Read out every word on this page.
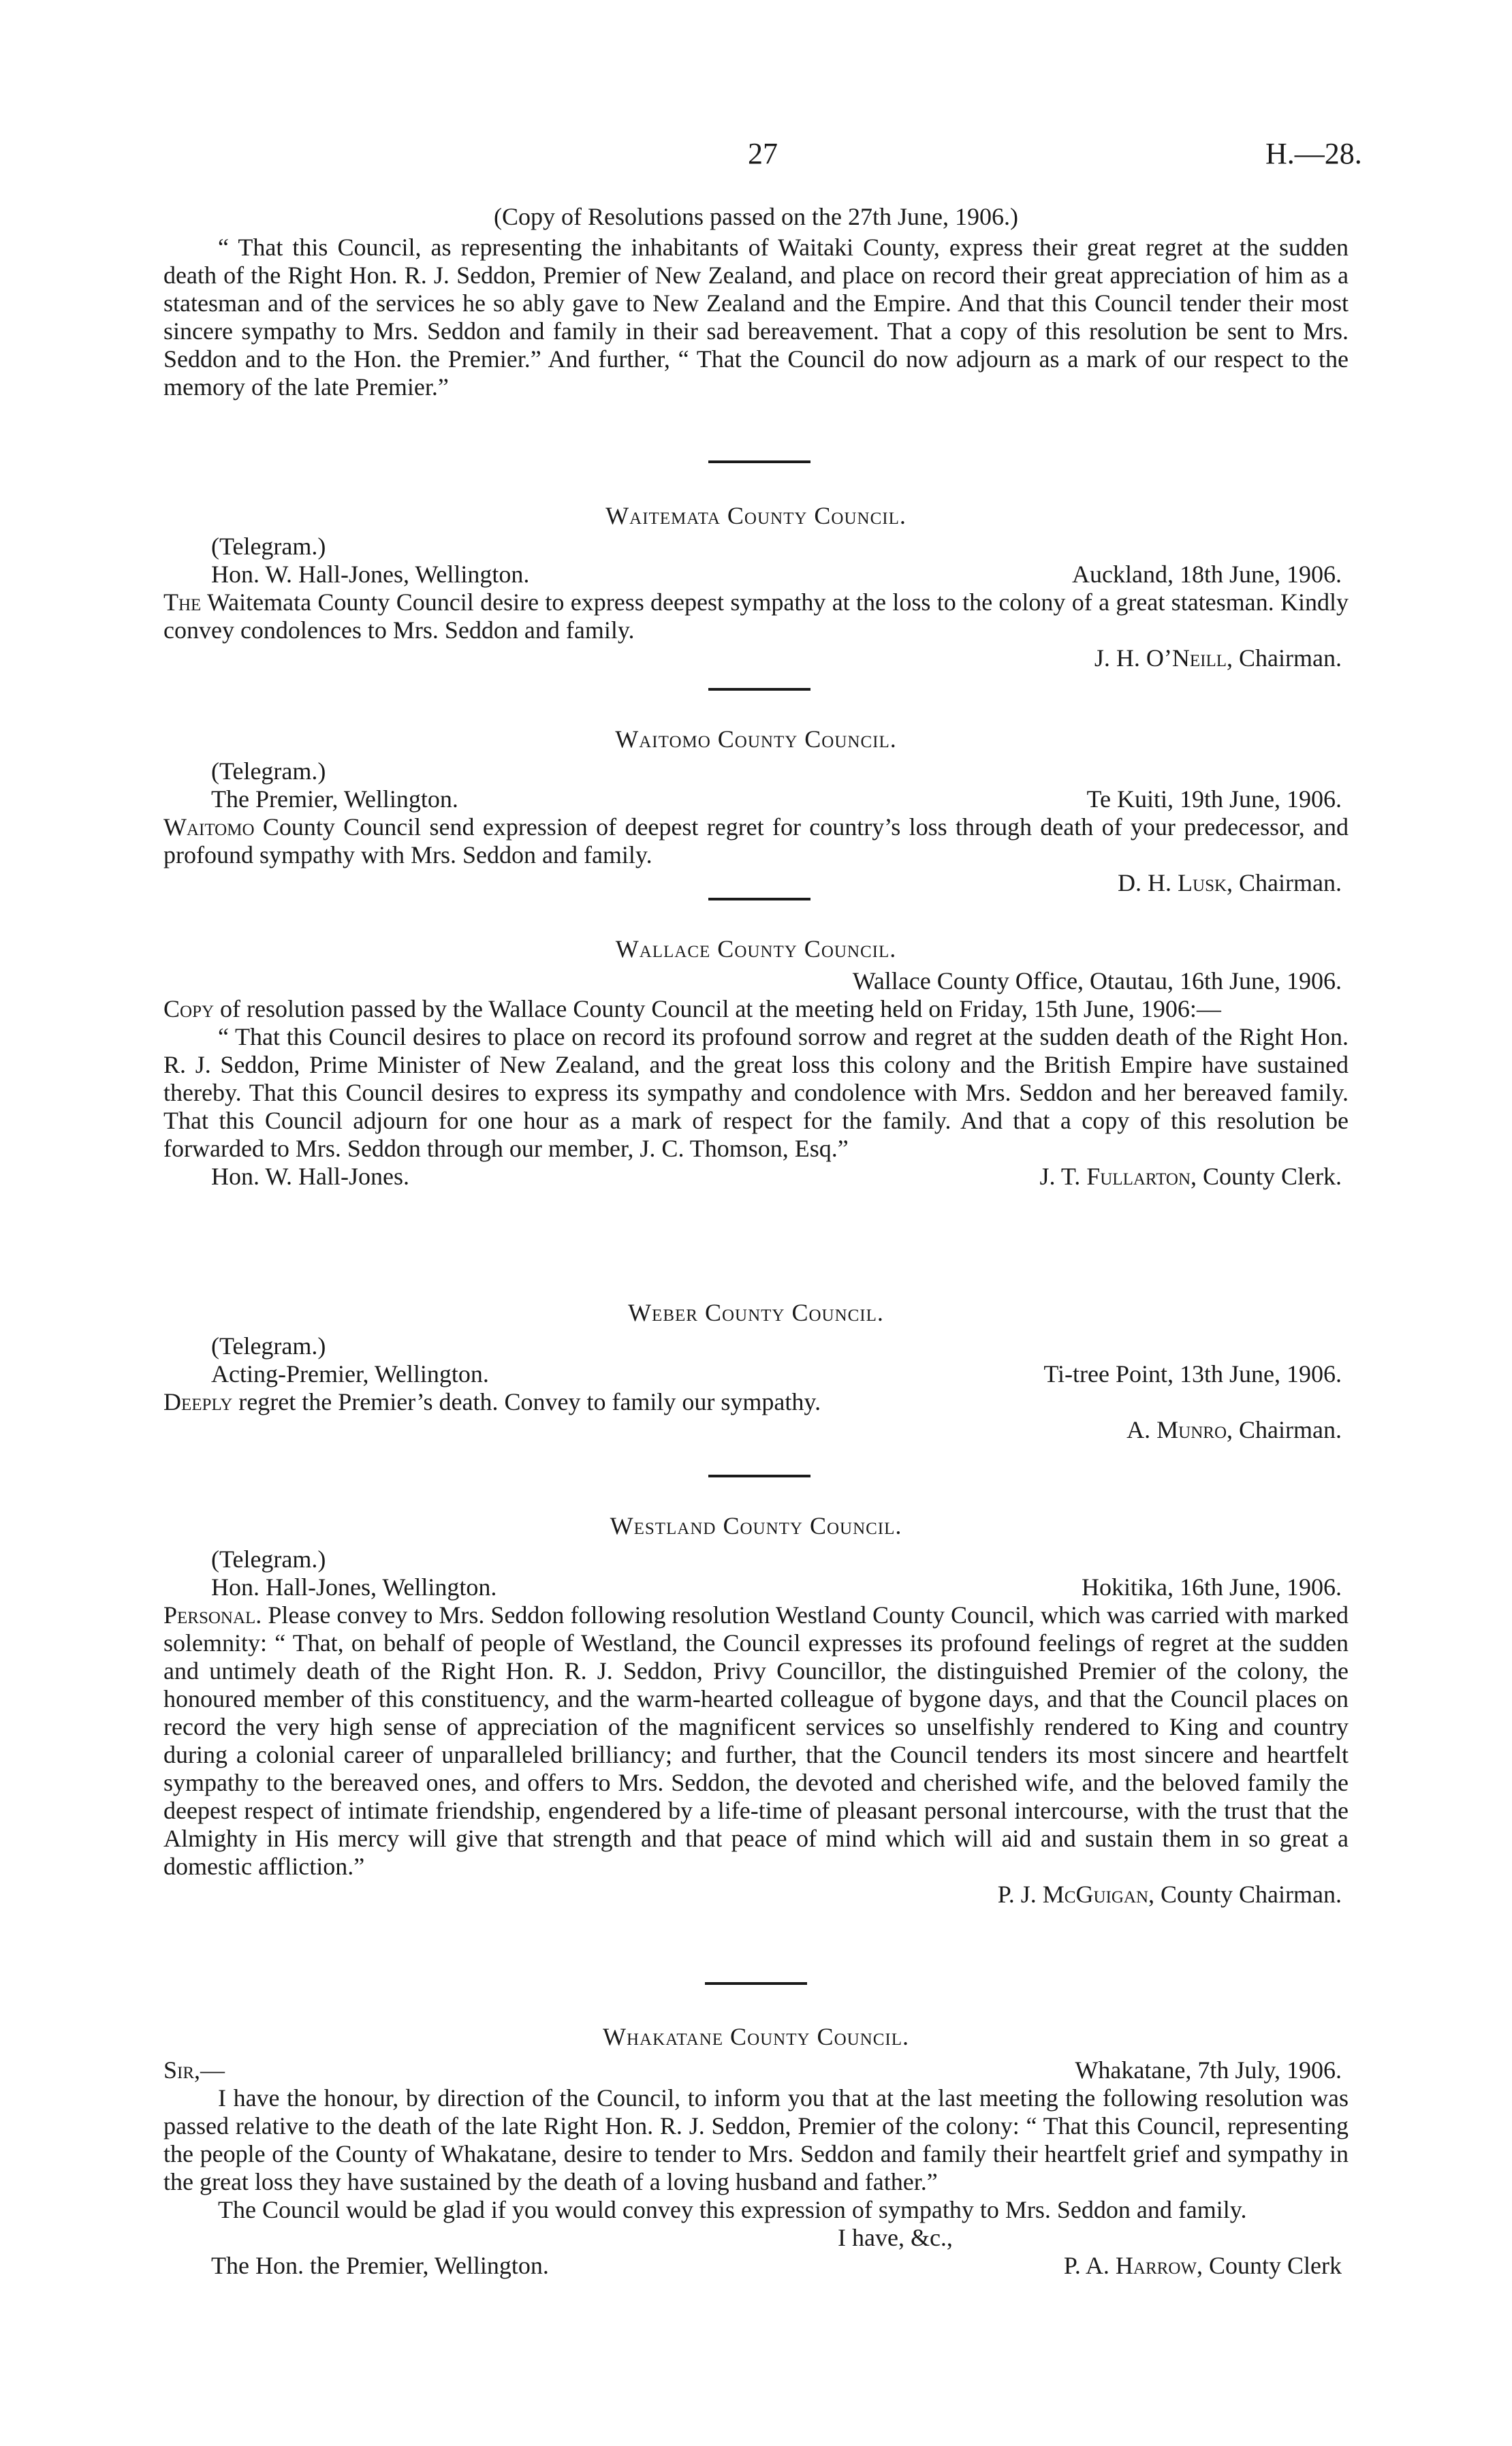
27	H.—28.

(Copy of Resolutions passed on the 27th June, 1906.)

“ That this Council, as representing the inhabitants of Waitaki County, express their great regret at the sudden death of the Right Hon. R. J. Seddon, Premier of New Zealand, and place on record their great appreciation of him as a statesman and of the services he so ably gave to New Zealand and the Empire. And that this Council tender their most sincere sympathy to Mrs. Seddon and family in their sad bereavement. That a copy of this resolution be sent to Mrs. Seddon and to the Hon. the Premier.” And further, “ That the Council do now adjourn as a mark of our respect to the memory of the late Premier.”

Waitemata County Council.

(Telegram.)

Hon. W. Hall-Jones, Wellington.	Auckland, 18th June, 1906.

The Waitemata County Council desire to express deepest sympathy at the loss to the colony of a great statesman. Kindly convey condolences to Mrs. Seddon and family.

J. H. O’Neill, Chairman.

Waitomo County Council.

(Telegram.)

The Premier, Wellington.	Te Kuiti, 19th June, 1906.

Waitomo County Council send expression of deepest regret for country’s loss through death of your predecessor, and profound sympathy with Mrs. Seddon and family.

D. H. Lusk, Chairman.

Wallace County Council.

Wallace County Office, Otautau, 16th June, 1906.

Copy of resolution passed by the Wallace County Council at the meeting held on Friday, 15th June, 1906:—

“ That this Council desires to place on record its profound sorrow and regret at the sudden death of the Right Hon. R. J. Seddon, Prime Minister of New Zealand, and the great loss this colony and the British Empire have sustained thereby. That this Council desires to express its sympathy and condolence with Mrs. Seddon and her bereaved family. That this Council adjourn for one hour as a mark of respect for the family. And that a copy of this resolution be forwarded to Mrs. Seddon through our member, J. C. Thomson, Esq.”

Hon. W. Hall-Jones.	J. T. Fullarton, County Clerk.

Weber County Council.

(Telegram.)

Acting-Premier, Wellington.	Ti-tree Point, 13th June, 1906.

Deeply regret the Premier’s death. Convey to family our sympathy.

A. Munro, Chairman.

Westland County Council.

(Telegram.)

Hon. Hall-Jones, Wellington.	Hokitika, 16th June, 1906.

Personal. Please convey to Mrs. Seddon following resolution Westland County Council, which was carried with marked solemnity: “ That, on behalf of people of Westland, the Council expresses its profound feelings of regret at the sudden and untimely death of the Right Hon. R. J. Seddon, Privy Councillor, the distinguished Premier of the colony, the honoured member of this constituency, and the warm-hearted colleague of bygone days, and that the Council places on record the very high sense of appreciation of the magnificent services so unselfishly rendered to King and country during a colonial career of unparalleled brilliancy; and further, that the Council tenders its most sincere and heartfelt sympathy to the bereaved ones, and offers to Mrs. Seddon, the devoted and cherished wife, and the beloved family the deepest respect of intimate friendship, engendered by a life-time of pleasant personal intercourse, with the trust that the Almighty in His mercy will give that strength and that peace of mind which will aid and sustain them in so great a domestic affliction.”

P. J. McGuigan, County Chairman.

Whakatane County Council.

Sir,—	Whakatane, 7th July, 1906.

I have the honour, by direction of the Council, to inform you that at the last meeting the following resolution was passed relative to the death of the late Right Hon. R. J. Seddon, Premier of the colony: “ That this Council, representing the people of the County of Whakatane, desire to tender to Mrs. Seddon and family their heartfelt grief and sympathy in the great loss they have sustained by the death of a loving husband and father.”

The Council would be glad if you would convey this expression of sympathy to Mrs. Seddon and family.

I have, &c.,

The Hon. the Premier, Wellington.	P. A. Harrow, County Clerk
